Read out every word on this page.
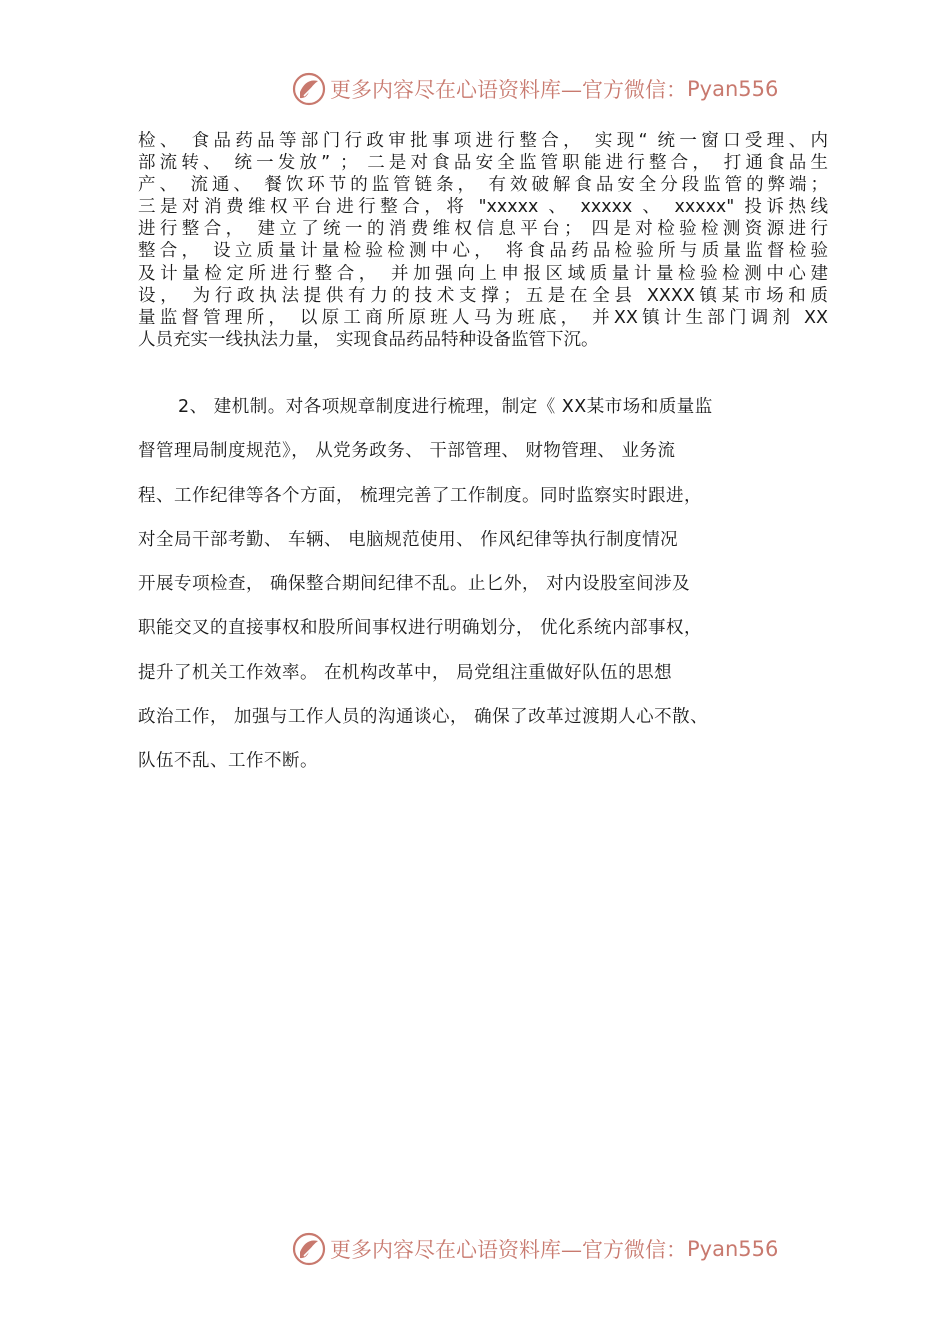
更多内容尽在心语资料库—官方微信： Pyan556
检、 食品药品等部门行政审批事项进行整合， 实现“ 统一窗口受理、内
部流转、 统一发放” ； 二是对食品安全监管职能进行整合， 打通食品生
产、 流通、 餐饮环节的监管链条， 有效破解食品安全分段监管的弊端；
三是对消费维权平台进行整合，将 "xxxxx 、 xxxxx 、 xxxxx" 投诉热线
进行整合， 建立了统一的消费维权信息平台； 四是对检验检测资源进行
整合， 设立质量计量检验检测中心， 将食品药品检验所与质量监督检验
及计量检定所进行整合， 并加强向上申报区域质量计量检验检测中心建
设， 为行政执法提供有力的技术支撑；五是在全县 XXXX镇某市场和质
量监督管理所， 以原工商所原班人马为班底， 并XX镇计生部门调剂 XX
人员充实一线执法力量， 实现食品药品特种设备监管下沉。
2、 建机制。对各项规章制度进行梳理，制定《 XX某市场和质量监
督管理局制度规范》， 从党务政务、 干部管理、 财物管理、 业务流
程、工作纪律等各个方面， 梳理完善了工作制度。同时监察实时跟进，
对全局干部考勤、 车辆、 电脑规范使用、 作风纪律等执行制度情况
开展专项检查， 确保整合期间纪律不乱。止匕外， 对内设股室间涉及
职能交叉的直接事权和股所间事权进行明确划分， 优化系统内部事权，
提升了机关工作效率。 在机构改革中， 局党组注重做好队伍的思想
政治工作， 加强与工作人员的沟通谈心， 确保了改革过渡期人心不散、
队伍不乱、工作不断。
更多内容尽在心语资料库—官方微信： Pyan556
